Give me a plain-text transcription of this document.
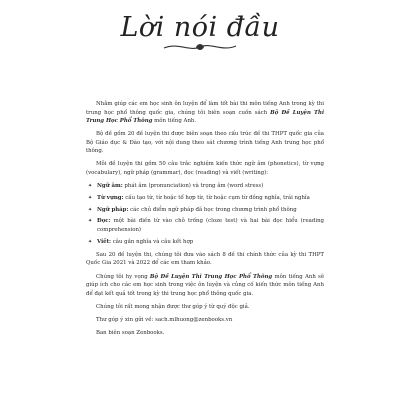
Lời nói đầu

Nhằm giúp các em học sinh ôn luyện để làm tốt bài thi môn tiếng Anh trong kỳ thi trung học phổ thông quốc gia, chúng tôi biên soạn cuốn sách Bộ Đề Luyện Thi Trung Học Phổ Thông môn tiếng Anh.

Bộ đề gồm 20 đề luyện thi được biên soạn theo cấu trúc đề thi THPT quốc gia của Bộ Giáo dục & Đào tạo, với nội dung theo sát chương trình tiếng Anh trung học phổ thông.

Mỗi đề luyện thi gồm 50 câu trắc nghiệm kiến thức ngữ âm (phonetics), từ vựng (vocabulary), ngữ pháp (grammar), đọc (reading) và viết (writing):

✦ Ngữ âm: phát âm (pronunciation) và trọng âm (word stress)
✦ Từ vựng: cấu tạo từ, từ hoặc tổ hợp từ, từ hoặc cụm từ đồng nghĩa, trái nghĩa
✦ Ngữ pháp: các chủ điểm ngữ pháp đã học trong chương trình phổ thông
✦ Đọc: một bài điền từ vào chỗ trống (cloze test) và hai bài đọc hiểu (reading comprehension)
✦ Viết: câu gần nghĩa và câu kết hợp

Sau 20 đề luyện thi, chúng tôi đưa vào sách 8 đề thi chính thức của kỳ thi THPT Quốc Gia 2021 và 2022 để các em tham khảo.

Chúng tôi hy vọng Bộ Đề Luyện Thi Trung Học Phổ Thông môn tiếng Anh sẽ giúp ích cho các em học sinh trong việc ôn luyện và củng cố kiến thức môn tiếng Anh để đạt kết quả tốt trong kỳ thi trung học phổ thông quốc gia.

Chúng tôi rất mong nhận được thư góp ý từ quý độc giả.

Thư góp ý xin gửi về: sach.mlhuong@zenbooks.vn

Ban biên soạn Zenbooks.
